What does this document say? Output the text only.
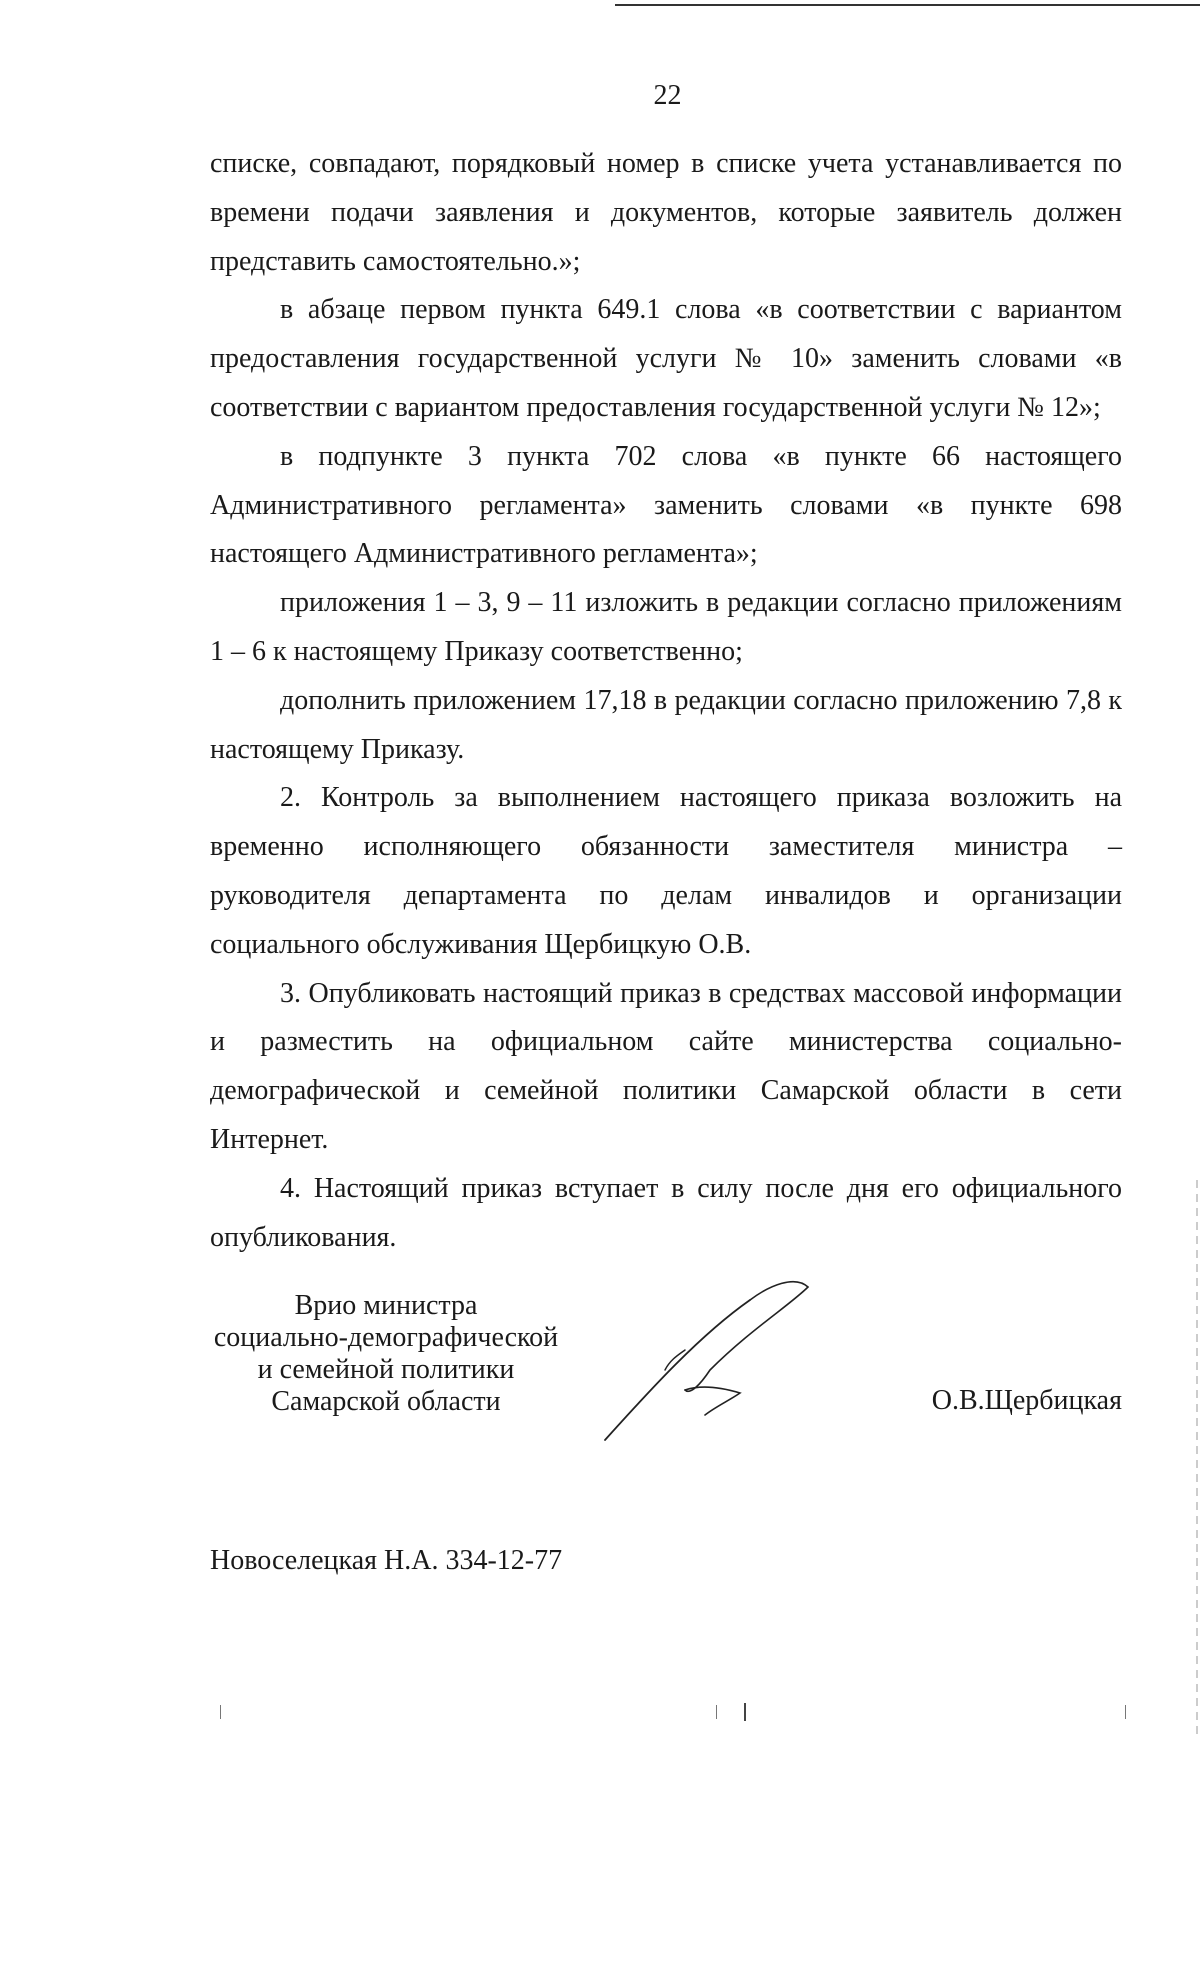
22

списке, совпадают, порядковый номер в списке учета устанавливается по времени подачи заявления и документов, которые заявитель должен представить самостоятельно.»;

в абзаце первом пункта 649.1 слова «в соответствии с вариантом предоставления государственной услуги № 10» заменить словами «в соответствии с вариантом предоставления государственной услуги № 12»;

в подпункте 3 пункта 702 слова «в пункте 66 настоящего Административного регламента» заменить словами «в пункте 698 настоящего Административного регламента»;

приложения 1 – 3, 9 – 11 изложить в редакции согласно приложениям 1 – 6 к настоящему Приказу соответственно;

дополнить приложением 17,18 в редакции согласно приложению 7,8 к настоящему Приказу.

2. Контроль за выполнением настоящего приказа возложить на временно исполняющего обязанности заместителя министра – руководителя департамента по делам инвалидов и организации социального обслуживания Щербицкую О.В.

3. Опубликовать настоящий приказ в средствах массовой информации и разместить на официальном сайте министерства социально-демографической и семейной политики Самарской области в сети Интернет.

4. Настоящий приказ вступает в силу после дня его официального опубликования.

Врио министра
социально-демографической
и семейной политики
Самарской области	О.В.Щербицкая
Новоселецкая Н.А. 334-12-77
